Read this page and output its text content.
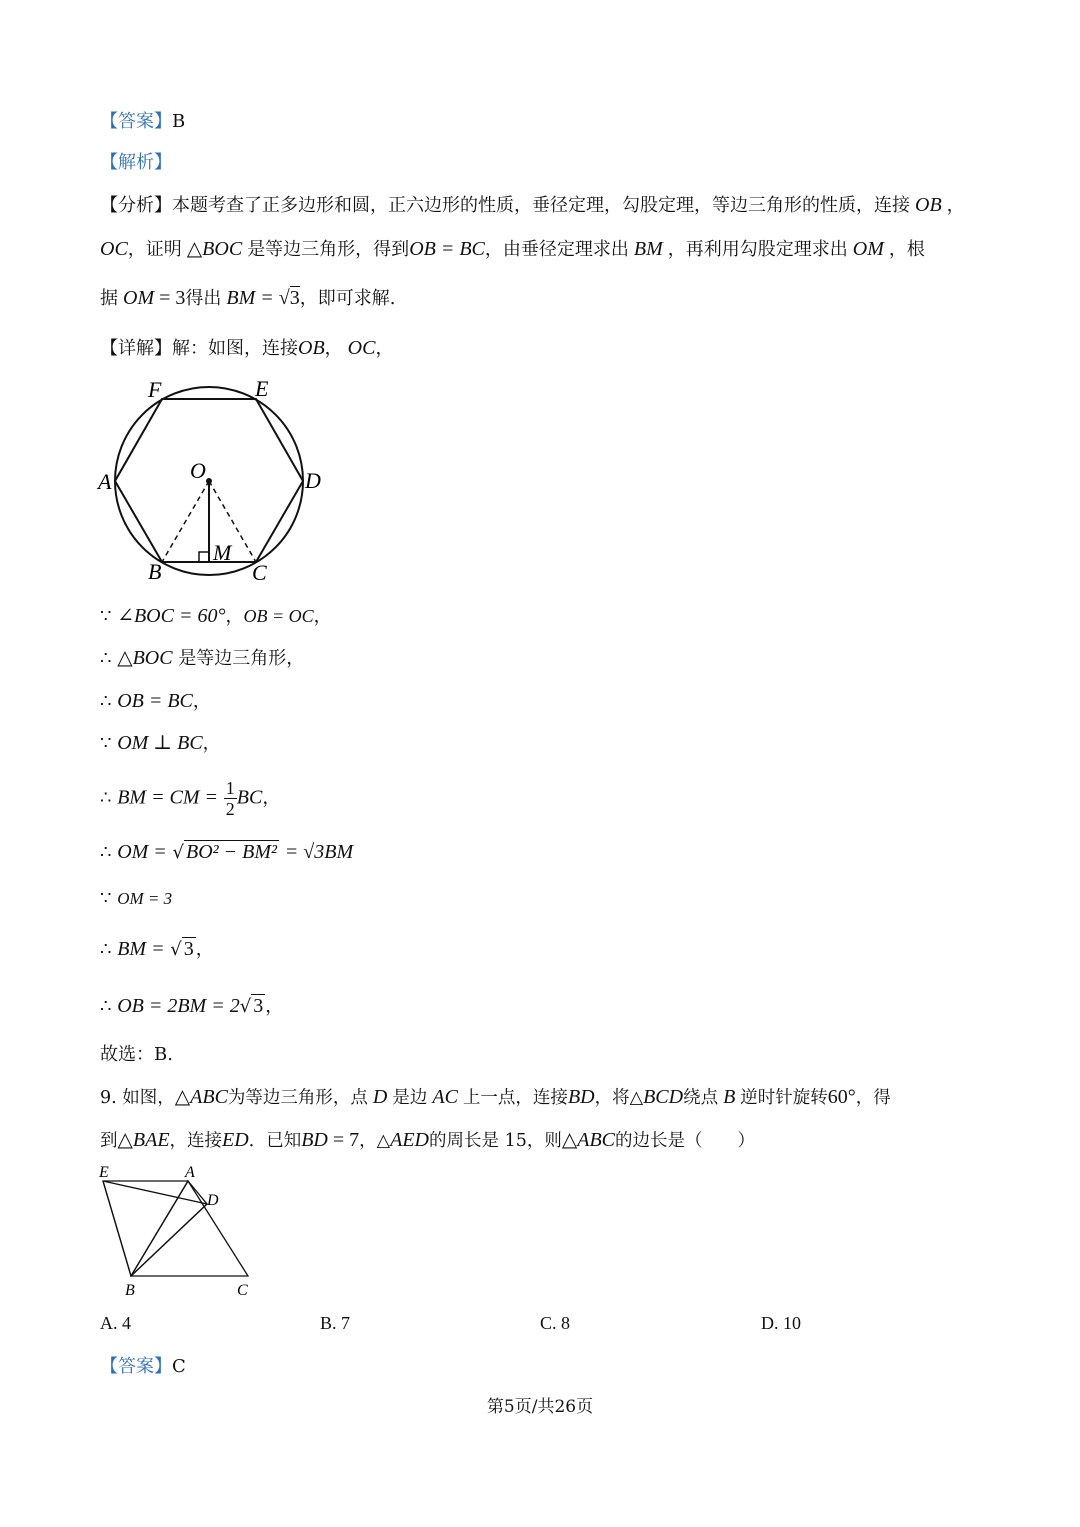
【答案】B
【解析】
【分析】本题考查了正多边形和圆，正六边形的性质，垂径定理，勾股定理，等边三角形的性质，连接 OB ，
OC，证明 △BOC 是等边三角形，得到OB = BC，由垂径定理求出 BM ，再利用勾股定理求出 OM ，根
据 OM = 3得出 BM = √3，即可求解.
【详解】解：如图，连接OB， OC，
F	E
A	D
O
M
B	C
∵ ∠BOC = 60°，OB = OC，
∴ △BOC 是等边三角形，
∴ OB = BC，
∵ OM ⊥ BC，
∴ BM = CM = $\frac{1}{2}$ BC，
∴ OM = √ BO² − BM² = √3BM
∵ OM = 3
∴ BM = √ 3 ，
∴ OB = 2BM = 2√ 3 ，
故选：B.
9. 如图，△ABC为等边三角形，点 D 是边 AC 上一点，连接BD，将△BCD绕点 B 逆时针旋转60°，得
到△BAE，连接ED．已知BD = 7，△AED的周长是 15，则△ABC的边长是（　　）
E	A
D
B	C
A. 4	B. 7	C. 8	D. 10
【答案】C
第5页/共26页
